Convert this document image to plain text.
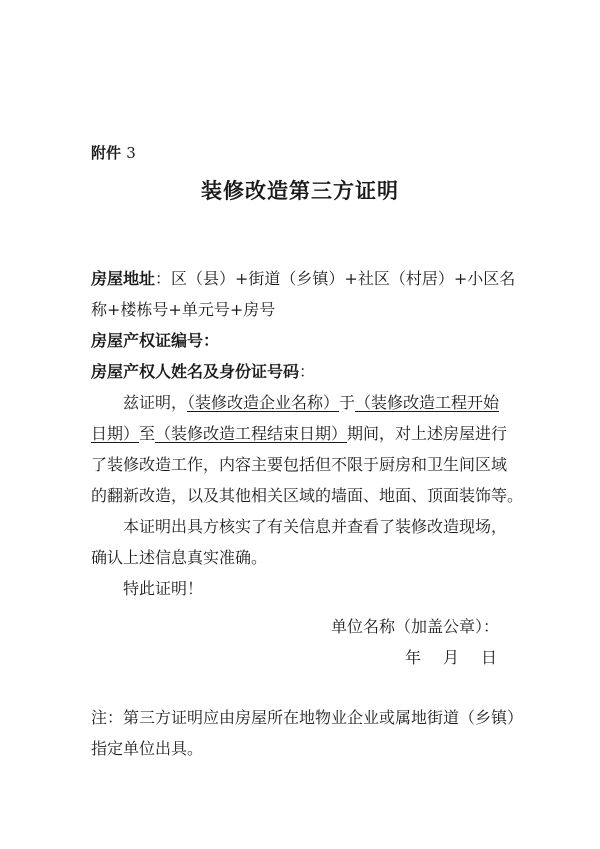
附件 3
装修改造第三方证明
房屋地址：区（县）+街道（乡镇）+社区（村居）+小区名
称+楼栋号+单元号+房号
房屋产权证编号：
房屋产权人姓名及身份证号码：
兹证明，（装修改造企业名称）于（装修改造工程开始
日期）至（装修改造工程结束日期）期间，对上述房屋进行
了装修改造工作，内容主要包括但不限于厨房和卫生间区域
的翻新改造，以及其他相关区域的墙面、地面、顶面装饰等。
本证明出具方核实了有关信息并查看了装修改造现场，
确认上述信息真实准确。
特此证明！
单位名称（加盖公章）：
年 月 日
注：第三方证明应由房屋所在地物业企业或属地街道（乡镇）
指定单位出具。
